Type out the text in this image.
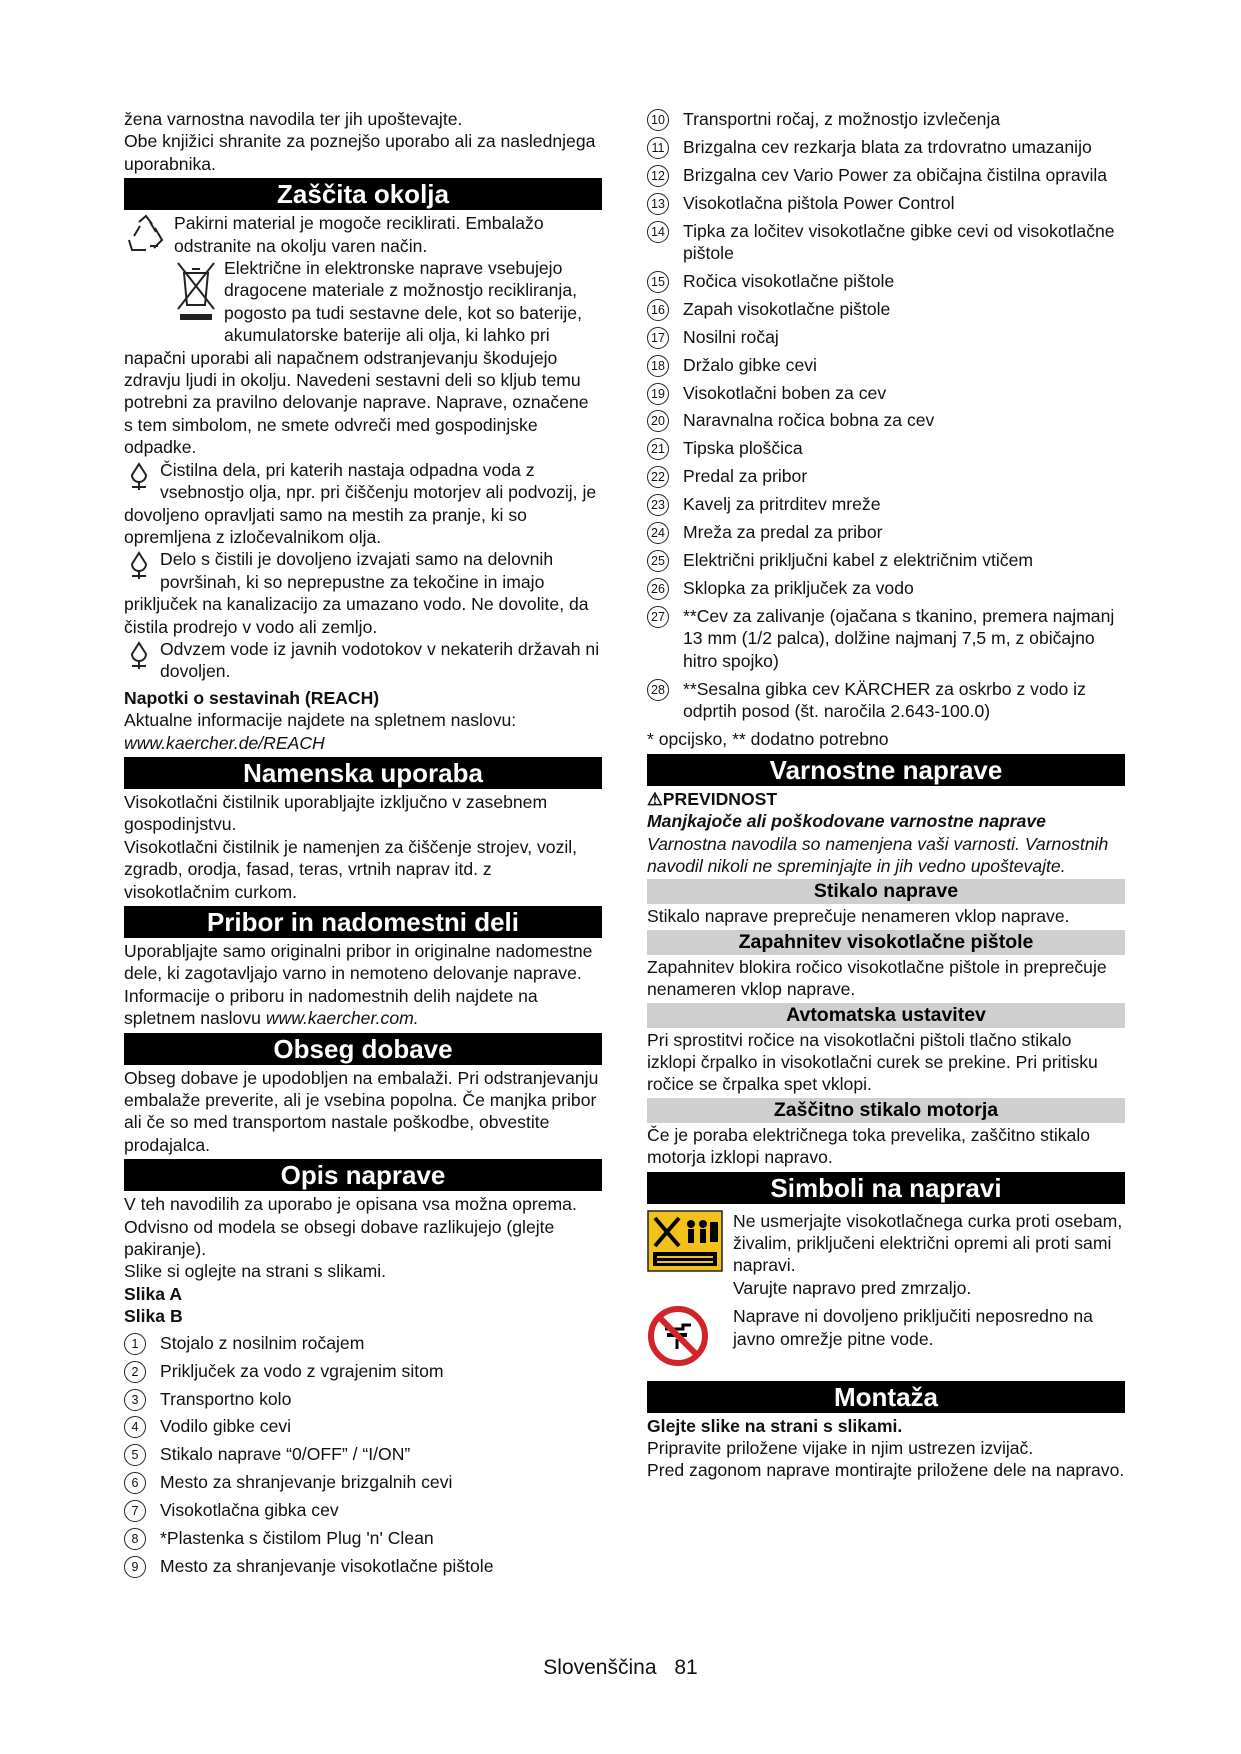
žena varnostna navodila ter jih upoštevajte.

Obe knjižici shranite za poznejšo uporabo ali za naslednjega uporabnika.

Zaščita okolja

Pakirni material je mogoče reciklirati. Embalažo odstranite na okolju varen način.

Električne in elektronske naprave vsebujejo dragocene materiale z možnostjo recikliranja, pogosto pa tudi sestavne dele, kot so baterije, akumulatorske baterije ali olja, ki lahko pri napačni uporabi ali napačnem odstranjevanju škodujejo zdravju ljudi in okolju. Navedeni sestavni deli so kljub temu potrebni za pravilno delovanje naprave. Naprave, označene s tem simbolom, ne smete odvreči med gospodinjske odpadke.

Čistilna dela, pri katerih nastaja odpadna voda z vsebnostjo olja, npr. pri čiščenju motorjev ali podvozij, je dovoljeno opravljati samo na mestih za pranje, ki so opremljena z izločevalnikom olja.

Delo s čistili je dovoljeno izvajati samo na delovnih površinah, ki so neprepustne za tekočine in imajo priključek na kanalizacijo za umazano vodo. Ne dovolite, da čistila prodrejo v vodo ali zemljo.

Odvzem vode iz javnih vodotokov v nekaterih državah ni dovoljen.

Napotki o sestavinah (REACH)

Aktualne informacije najdete na spletnem naslovu:

www.kaercher.de/REACH

Namenska uporaba

Visokotlačni čistilnik uporabljajte izključno v zasebnem gospodinjstvu.

Visokotlačni čistilnik je namenjen za čiščenje strojev, vozil, zgradb, orodja, fasad, teras, vrtnih naprav itd. z visokotlačnim curkom.

Pribor in nadomestni deli

Uporabljajte samo originalni pribor in originalne nadomestne dele, ki zagotavljajo varno in nemoteno delovanje naprave.

Informacije o priboru in nadomestnih delih najdete na spletnem naslovu www.kaercher.com.

Obseg dobave

Obseg dobave je upodobljen na embalaži. Pri odstranjevanju embalaže preverite, ali je vsebina popolna. Če manjka pribor ali če so med transportom nastale poškodbe, obvestite prodajalca.

Opis naprave

V teh navodilih za uporabo je opisana vsa možna oprema. Odvisno od modela se obsegi dobave razlikujejo (glejte pakiranje).

Slike si oglejte na strani s slikami.

Slika A

Slika B

1	Stojalo z nosilnim ročajem
2	Priključek za vodo z vgrajenim sitom
3	Transportno kolo
4	Vodilo gibke cevi
5	Stikalo naprave “0/OFF” / “I/ON”
6	Mesto za shranjevanje brizgalnih cevi
7	Visokotlačna gibka cev
8	*Plastenka s čistilom Plug 'n' Clean
9	Mesto za shranjevanje visokotlačne pištole
10 Transportni ročaj, z možnostjo izvlečenja
11 Brizgalna cev rezkarja blata za trdovratno umazanijo
12 Brizgalna cev Vario Power za običajna čistilna opravila
13 Visokotlačna pištola Power Control
14 Tipka za ločitev visokotlačne gibke cevi od visokotlačne pištole
15 Ročica visokotlačne pištole
16 Zapah visokotlačne pištole
17 Nosilni ročaj
18 Držalo gibke cevi
19 Visokotlačni boben za cev
20 Naravnalna ročica bobna za cev
21 Tipska ploščica
22 Predal za pribor
23 Kavelj za pritrditev mreže
24 Mreža za predal za pribor
25 Električni priključni kabel z električnim vtičem
26 Sklopka za priključek za vodo
27 **Cev za zalivanje (ojačana s tkanino, premera najmanj 13 mm (1/2 palca), dolžine najmanj 7,5 m, z običajno hitro spojko)
28 **Sesalna gibka cev KÄRCHER za oskrbo z vodo iz odprtih posod (št. naročila 2.643-100.0)

* opcijsko, ** dodatno potrebno

Varnostne naprave

⚠PREVIDNOST

Manjkajoče ali poškodovane varnostne naprave

Varnostna navodila so namenjena vaši varnosti. Varnostnih navodil nikoli ne spreminjajte in jih vedno upoštevajte.

Stikalo naprave

Stikalo naprave preprečuje nenameren vklop naprave.

Zapahnitev visokotlačne pištole

Zapahnitev blokira ročico visokotlačne pištole in preprečuje nenameren vklop naprave.

Avtomatska ustavitev

Pri sprostitvi ročice na visokotlačni pištoli tlačno stikalo izklopi črpalko in visokotlačni curek se prekine. Pri pritisku ročice se črpalka spet vklopi.

Zaščitno stikalo motorja

Če je poraba električnega toka prevelika, zaščitno stikalo motorja izklopi napravo.

Simboli na napravi

Ne usmerjajte visokotlačnega curka proti osebam, živalim, priključeni električni opremi ali proti sami napravi.

Varujte napravo pred zmrzaljo.

Naprave ni dovoljeno priključiti neposredno na javno omrežje pitne vode.
Montaža

Glejte slike na strani s slikami.

Pripravite priložene vijake in njim ustrezen izvijač.

Pred zagonom naprave montirajte priložene dele na napravo.

Slovenščina 81
